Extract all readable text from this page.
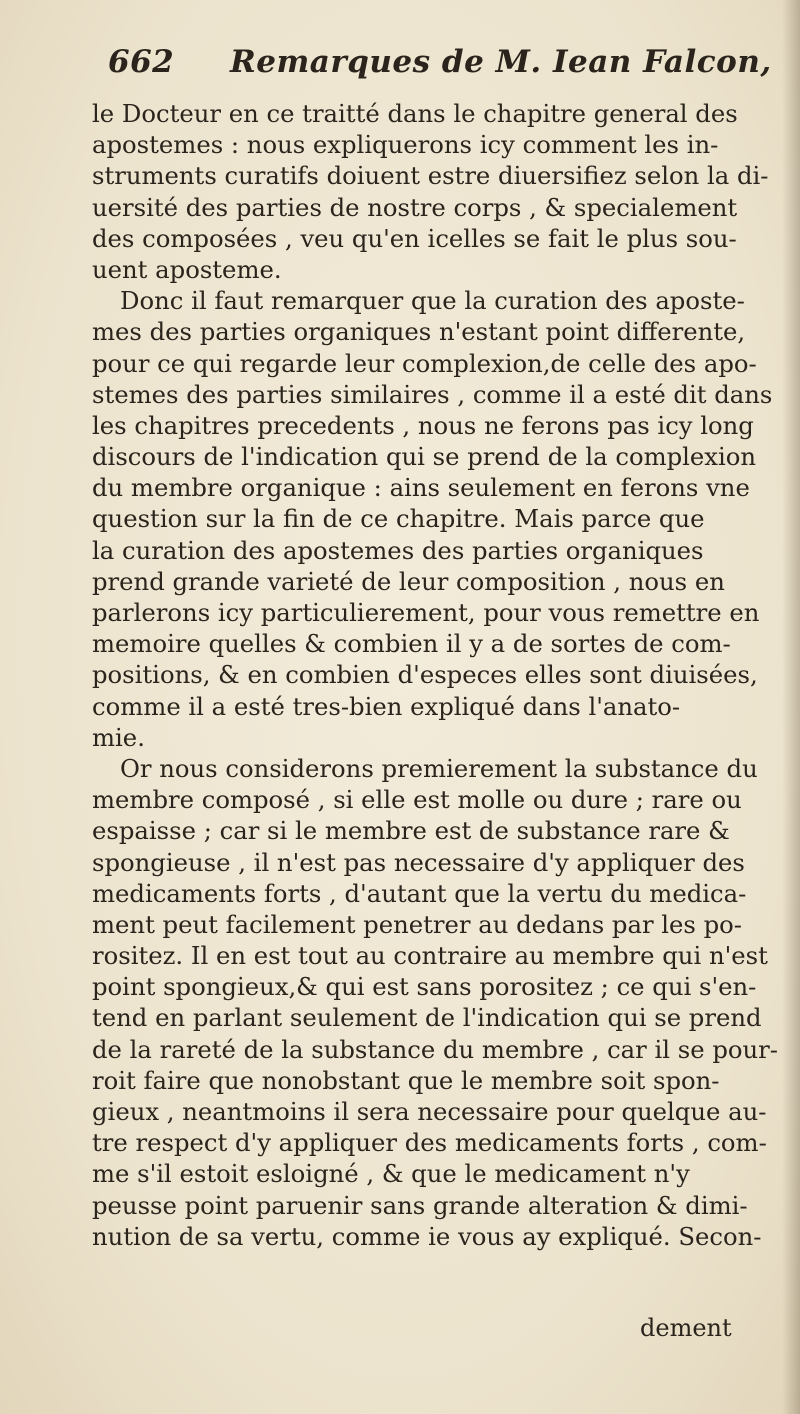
662 Remarques de M. Iean Falcon,
le Docteur en ce traitté dans le chapitre general des
apostemes : nous expliquerons icy comment les in-
struments curatifs doiuent estre diuersifiez selon la di-
uersité des parties de nostre corps , & specialement
des composées , veu qu'en icelles se fait le plus sou-
uent aposteme.
Donc il faut remarquer que la curation des aposte-
mes des parties organiques n'estant point differente,
pour ce qui regarde leur complexion,de celle des apo-
stemes des parties similaires , comme il a esté dit dans
les chapitres precedents , nous ne ferons pas icy long
discours de l'indication qui se prend de la complexion
du membre organique : ains seulement en ferons vne
question sur la fin de ce chapitre. Mais parce que
la curation des apostemes des parties organiques
prend grande varieté de leur composition , nous en
parlerons icy particulierement, pour vous remettre en
memoire quelles & combien il y a de sortes de com-
positions, & en combien d'especes elles sont diuisées,
comme il a esté tres-bien expliqué dans l'anato-
mie.
Or nous considerons premierement la substance du
membre composé , si elle est molle ou dure ; rare ou
espaisse ; car si le membre est de substance rare &
spongieuse , il n'est pas necessaire d'y appliquer des
medicaments forts , d'autant que la vertu du medica-
ment peut facilement penetrer au dedans par les po-
rositez. Il en est tout au contraire au membre qui n'est
point spongieux,& qui est sans porositez ; ce qui s'en-
tend en parlant seulement de l'indication qui se prend
de la rareté de la substance du membre , car il se pour-
roit faire que nonobstant que le membre soit spon-
gieux , neantmoins il sera necessaire pour quelque au-
tre respect d'y appliquer des medicaments forts , com-
me s'il estoit esloigné , & que le medicament n'y
peusse point paruenir sans grande alteration & dimi-
nution de sa vertu, comme ie vous ay expliqué. Secon-
dement
